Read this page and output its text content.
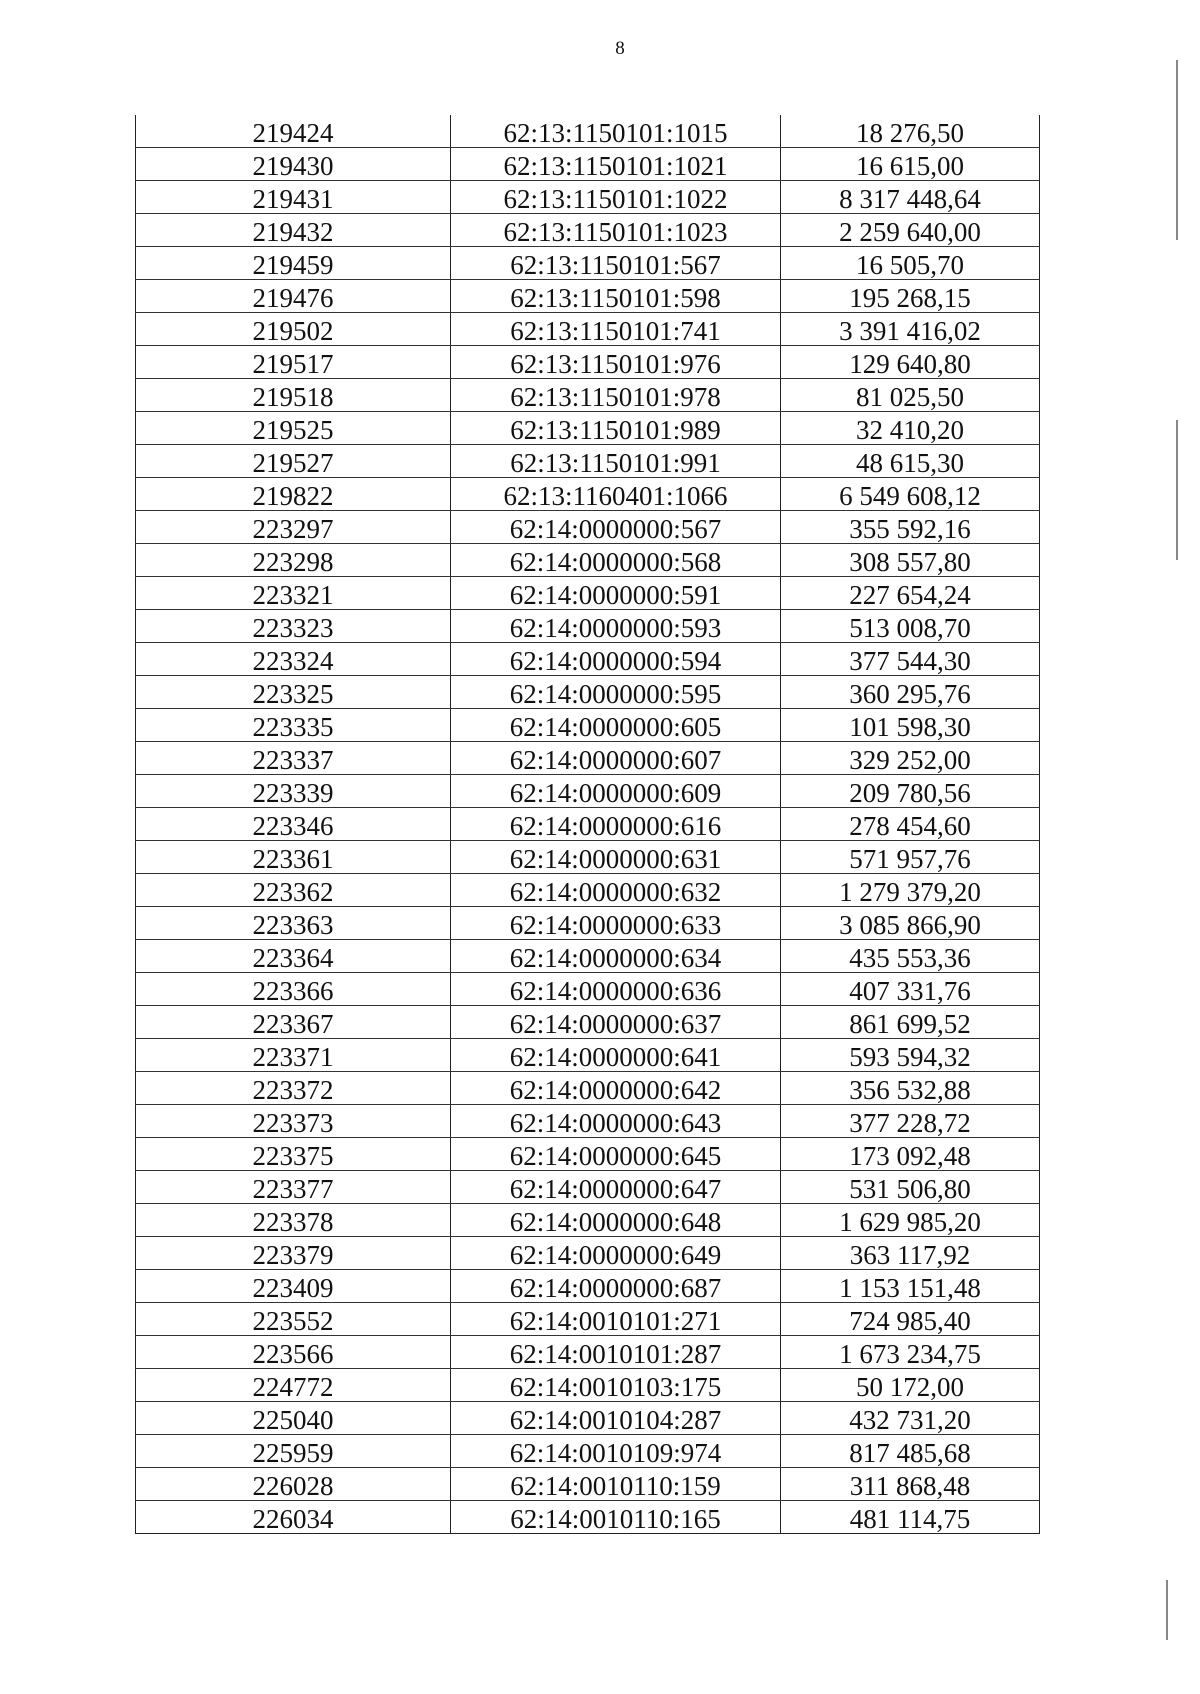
8
219424	62:13:1150101:1015	18 276,50
219430	62:13:1150101:1021	16 615,00
219431	62:13:1150101:1022	8 317 448,64
219432	62:13:1150101:1023	2 259 640,00
219459	62:13:1150101:567	16 505,70
219476	62:13:1150101:598	195 268,15
219502	62:13:1150101:741	3 391 416,02
219517	62:13:1150101:976	129 640,80
219518	62:13:1150101:978	81 025,50
219525	62:13:1150101:989	32 410,20
219527	62:13:1150101:991	48 615,30
219822	62:13:1160401:1066	6 549 608,12
223297	62:14:0000000:567	355 592,16
223298	62:14:0000000:568	308 557,80
223321	62:14:0000000:591	227 654,24
223323	62:14:0000000:593	513 008,70
223324	62:14:0000000:594	377 544,30
223325	62:14:0000000:595	360 295,76
223335	62:14:0000000:605	101 598,30
223337	62:14:0000000:607	329 252,00
223339	62:14:0000000:609	209 780,56
223346	62:14:0000000:616	278 454,60
223361	62:14:0000000:631	571 957,76
223362	62:14:0000000:632	1 279 379,20
223363	62:14:0000000:633	3 085 866,90
223364	62:14:0000000:634	435 553,36
223366	62:14:0000000:636	407 331,76
223367	62:14:0000000:637	861 699,52
223371	62:14:0000000:641	593 594,32
223372	62:14:0000000:642	356 532,88
223373	62:14:0000000:643	377 228,72
223375	62:14:0000000:645	173 092,48
223377	62:14:0000000:647	531 506,80
223378	62:14:0000000:648	1 629 985,20
223379	62:14:0000000:649	363 117,92
223409	62:14:0000000:687	1 153 151,48
223552	62:14:0010101:271	724 985,40
223566	62:14:0010101:287	1 673 234,75
224772	62:14:0010103:175	50 172,00
225040	62:14:0010104:287	432 731,20
225959	62:14:0010109:974	817 485,68
226028	62:14:0010110:159	311 868,48
226034	62:14:0010110:165	481 114,75
